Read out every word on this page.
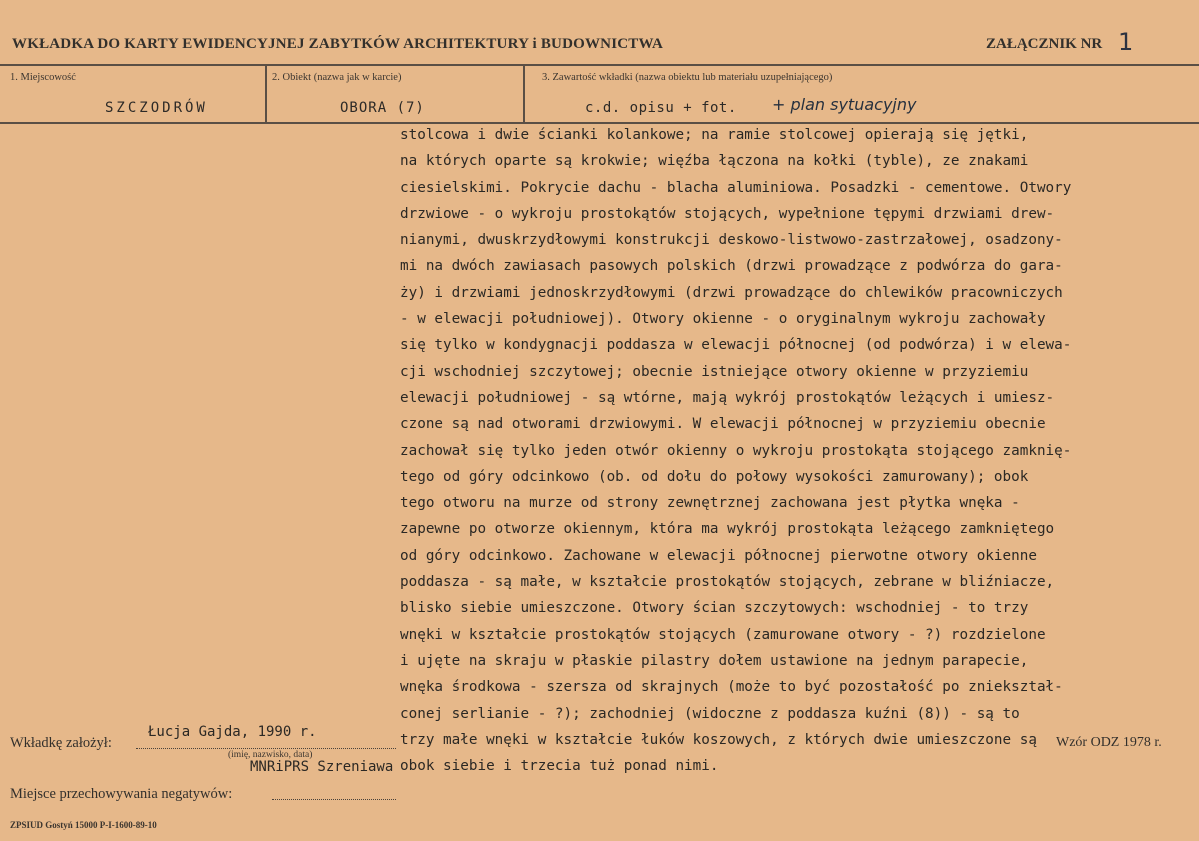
WKŁADKA DO KARTY EWIDENCYJNEJ ZABYTKÓW ARCHITEKTURY i BUDOWNICTWA	ZAŁĄCZNIK NR 1
1. Miejscowość
SZCZODRÓW
2. Obiekt (nazwa jak w karcie)
OBORA (7)
3. Zawartość wkładki (nazwa obiektu lub materiału uzupełniającego)
c.d. opisu + fot. + plan sytuacyjny
stolcowa i dwie ścianki kolankowe; na ramie stolcowej opierają się jętki,
na których oparte są krokwie; więźba łączona na kołki (tyble), ze znakami
ciesielskimi. Pokrycie dachu - blacha aluminiowa. Posadzki - cementowe. Otwory
drzwiowe - o wykroju prostokątów stojących, wypełnione tępymi drzwiami drew-
nianymi, dwuskrzydłowymi konstrukcji deskowo-listwowo-zastrzałowej, osadzony-
mi na dwóch zawiasach pasowych polskich (drzwi prowadzące z podwórza do gara-
ży) i drzwiami jednoskrzydłowymi (drzwi prowadzące do chlewików pracowniczych
- w elewacji południowej). Otwory okienne - o oryginalnym wykroju zachowały
się tylko w kondygnacji poddasza w elewacji północnej (od podwórza) i w elewa-
cji wschodniej szczytowej; obecnie istniejące otwory okienne w przyziemiu
elewacji południowej - są wtórne, mają wykrój prostokątów leżących i umiesz-
czone są nad otworami drzwiowymi. W elewacji północnej w przyziemiu obecnie
zachował się tylko jeden otwór okienny o wykroju prostokąta stojącego zamknię-
tego od góry odcinkowo (ob. od dołu do połowy wysokości zamurowany); obok
tego otworu na murze od strony zewnętrznej zachowana jest płytka wnęka -
zapewne po otworze okiennym, która ma wykrój prostokąta leżącego zamkniętego
od góry odcinkowo. Zachowane w elewacji północnej pierwotne otwory okienne
poddasza - są małe, w kształcie prostokątów stojących, zebrane w bliźniacze,
blisko siebie umieszczone. Otwory ścian szczytowych: wschodniej - to trzy
wnęki w kształcie prostokątów stojących (zamurowane otwory - ?) rozdzielone
i ujęte na skraju w płaskie pilastry dołem ustawione na jednym parapecie,
wnęka środkowa - szersza od skrajnych (może to być pozostałość po zniekształ-
conej serlianie - ?); zachodniej (widoczne z poddasza kuźni (8)) - są to
trzy małe wnęki w kształcie łuków koszowych, z których dwie umieszczone są
obok siebie i trzecia tuż ponad nimi.
Wkładkę założył:
Łucja Gajda, 1990 r.
(imię, nazwisko, data)
MNRiPRS Szreniawa
Wzór ODZ 1978 r.
Miejsce przechowywania negatywów:
ZPSIUD Gostyń 15000 P-I-1600-89-10
